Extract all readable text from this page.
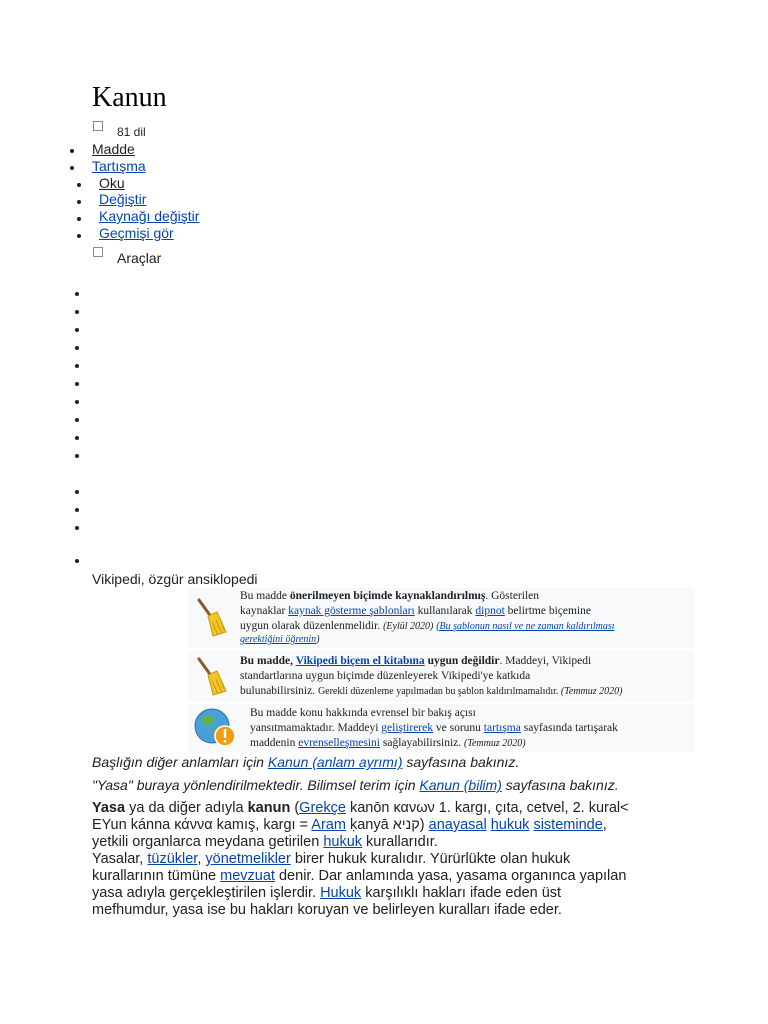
Kanun
81 dil
Madde
Tartışma
Oku
Değiştir
Kaynağı değiştir
Geçmişi gör
Araçlar
Vikipedi, özgür ansiklopedi
Bu madde önerilmeyen biçimde kaynaklandırılmış. Gösterilen
kaynaklar kaynak gösterme şablonları kullanılarak dipnot belirtme biçemine
uygun olarak düzenlenmelidir. (Eylül 2020) (Bu şablonun nasıl ve ne zaman kaldırılması
gerektiğini öğrenin)
Bu madde, Vikipedi biçem el kitabına uygun değildir. Maddeyi, Vikipedi
standartlarına uygun biçimde düzenleyerek Vikipedi'ye katkıda
bulunabilirsiniz. Gerekli düzenleme yapılmadan bu şablon kaldırılmamalıdır. (Temmuz 2020)
Bu madde konu hakkında evrensel bir bakış açısı
yansıtmamaktadır. Maddeyi geliştirerek ve sorunu tartışma sayfasında tartışarak
maddenin evrenselleşmesini sağlayabilirsiniz. (Temmuz 2020)
Başlığın diğer anlamları için Kanun (anlam ayrımı) sayfasına bakınız.
"Yasa" buraya yönlendirilmektedir. Bilimsel terim için Kanun (bilim) sayfasına bakınız.
Yasa ya da diğer adıyla kanun (Grekçe kanōn κανων 1. kargı, çıta, cetvel, 2. kural<
EYun kánna κάννα kamış, kargı = Aram ḳanyā קניא) anayasal hukuk sisteminde,
yetkili organlarca meydana getirilen hukuk kurallarıdır.
Yasalar, tüzükler, yönetmelikler birer hukuk kuralıdır. Yürürlükte olan hukuk
kurallarının tümüne mevzuat denir. Dar anlamında yasa, yasama organınca yapılan
yasa adıyla gerçekleştirilen işlerdir. Hukuk karşılıklı hakları ifade eden üst
mefhumdur, yasa ise bu hakları koruyan ve belirleyen kuralları ifade eder.
